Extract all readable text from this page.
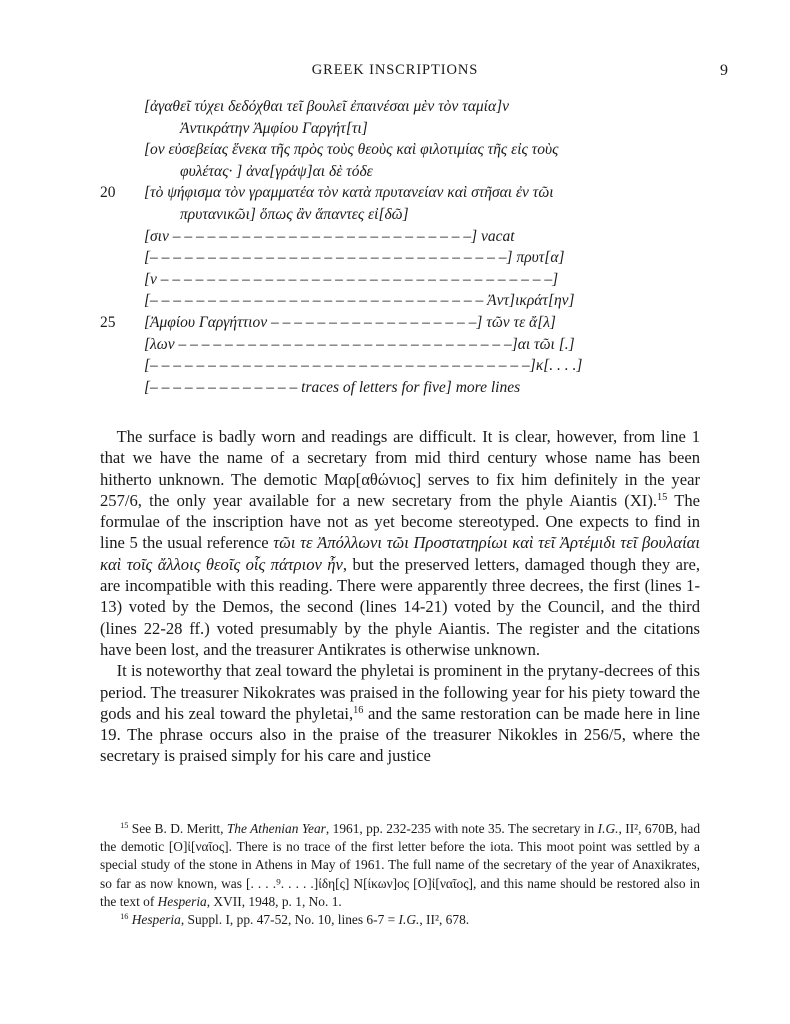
GREEK INSCRIPTIONS	9
[ἀγαθεῖ τύχει δεδόχθαι τεῖ βουλεῖ ἐπαινέσαι μὲν τὸν ταμία]ν
Ἀντικράτην Ἀμφίου Γαργήτ[τι]
[ον εὐσεβείας ἕνεκα τῆς πρὸς τοὺς θεοὺς καὶ φιλοτιμίας τῆς εἰς τοὺς
φυλέτας· ] ἀνα[γράψ]αι δὲ τόδε
20	[τὸ ψήφισμα τὸν γραμματέα τὸν κατὰ πρυτανείαν καὶ στῆσαι ἐν τῶι
πρυτανικῶι] ὅπως ἂν ἅπαντες εἰ[δῶ]
[σιν – – – – – – – – – – – – – – – – – – – – – – – – – –] vacat
[– – – – – – – – – – – – – – – – – – – – – – – – – – – – – – –] πρυτ[α]
[ν – – – – – – – – – – – – – – – – – – – – – – – – – – – – – – – – – –]
[– – – – – – – – – – – – – – – – – – – – – – – – – – – – – Ἀντ]ικράτ[ην]
25	[Ἀμφίου Γαργήττιον – – – – – – – – – – – – – – – – – –] τῶν τε ἄ[λ]
[λων – – – – – – – – – – – – – – – – – – – – – – – – – – – – –]αι τῶι [.]
[– – – – – – – – – – – – – – – – – – – – – – – – – – – – – – – – –]κ[. . . .]
[– – – – – – – – – – – – – traces of letters for five] more lines

The surface is badly worn and readings are difficult. It is clear, however, from line 1 that we have the name of a secretary from mid third century whose name has been hitherto unknown. The demotic Μαρ[αθώνιος] serves to fix him definitely in the year 257/6, the only year available for a new secretary from the phyle Aiantis (XI).$^{15}$ The formulae of the inscription have not as yet become stereotyped. One expects to find in line 5 the usual reference τῶι τε Ἀπόλλωνι τῶι Προστατηρίωι καὶ τεῖ Ἀρτέμιδι τεῖ βουλαίαι καὶ τοῖς ἄλλοις θεοῖς οἷς πάτριον ἦν, but the preserved letters, damaged though they are, are incompatible with this reading. There were apparently three decrees, the first (lines 1-13) voted by the Demos, the second (lines 14-21) voted by the Council, and the third (lines 22-28 ff.) voted presumably by the phyle Aiantis. The register and the citations have been lost, and the treasurer Antikrates is otherwise unknown.

It is noteworthy that zeal toward the phyletai is prominent in the prytany-decrees of this period. The treasurer Nikokrates was praised in the following year for his piety toward the gods and his zeal toward the phyletai,$^{16}$ and the same restoration can be made here in line 19. The phrase occurs also in the praise of the treasurer Nikokles in 256/5, where the secretary is praised simply for his care and justice

$^{15}$ See B. D. Meritt, The Athenian Year, 1961, pp. 232-235 with note 35. The secretary in I.G., II², 670B, had the demotic [O]ἰ[ναῖος]. There is no trace of the first letter before the iota. This moot point was settled by a special study of the stone in Athens in May of 1961. The full name of the secretary of the year of Anaxikrates, so far as now known, was [. . . .⁹. . . . .]ίδη[ς] N[ίκων]ος [O]ἰ[ναῖος], and this name should be restored also in the text of Hesperia, XVII, 1948, p. 1, No. 1.

$^{16}$ Hesperia, Suppl. I, pp. 47-52, No. 10, lines 6-7 = I.G., II², 678.
